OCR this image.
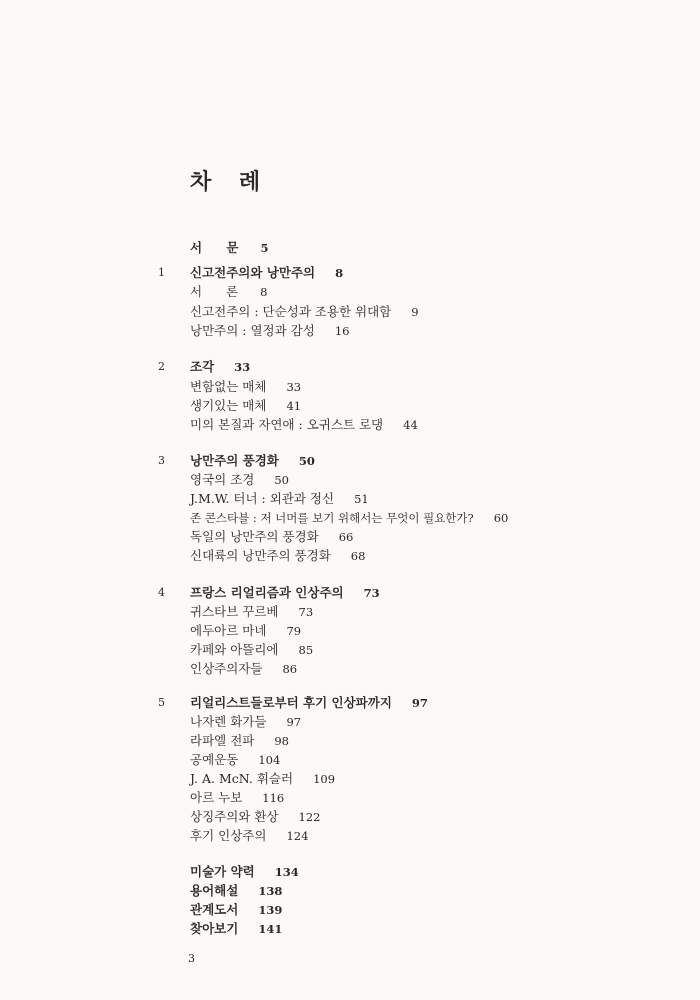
차 례
서 문 5
1 신고전주의와 낭만주의 8
서 론 8
신고전주의 : 단순성과 조용한 위대함 9
낭만주의 : 열정과 감성 16
2 조각 33
변함없는 매체 33
생기있는 매체 41
미의 본질과 자연애 : 오귀스트 로댕 44
3 낭만주의 풍경화 50
영국의 조경 50
J.M.W. 터너 : 외관과 정신 51
존 콘스타블 : 저 너머를 보기 위해서는 무엇이 필요한가? 60
독일의 낭만주의 풍경화 66
신대륙의 낭만주의 풍경화 68
4 프랑스 리얼리즘과 인상주의 73
귀스타브 꾸르베 73
에두아르 마네 79
카페와 아뜰리에 85
인상주의자들 86
5 리얼리스트들로부터 후기 인상파까지 97
나자렌 화가들 97
라파엘 전파 98
공예운동 104
J. A. McN. 휘슬러 109
아르 누보 116
상징주의와 환상 122
후기 인상주의 124
미술가 약력 134
용어해설 138
관계도서 139
찾아보기 141
3
